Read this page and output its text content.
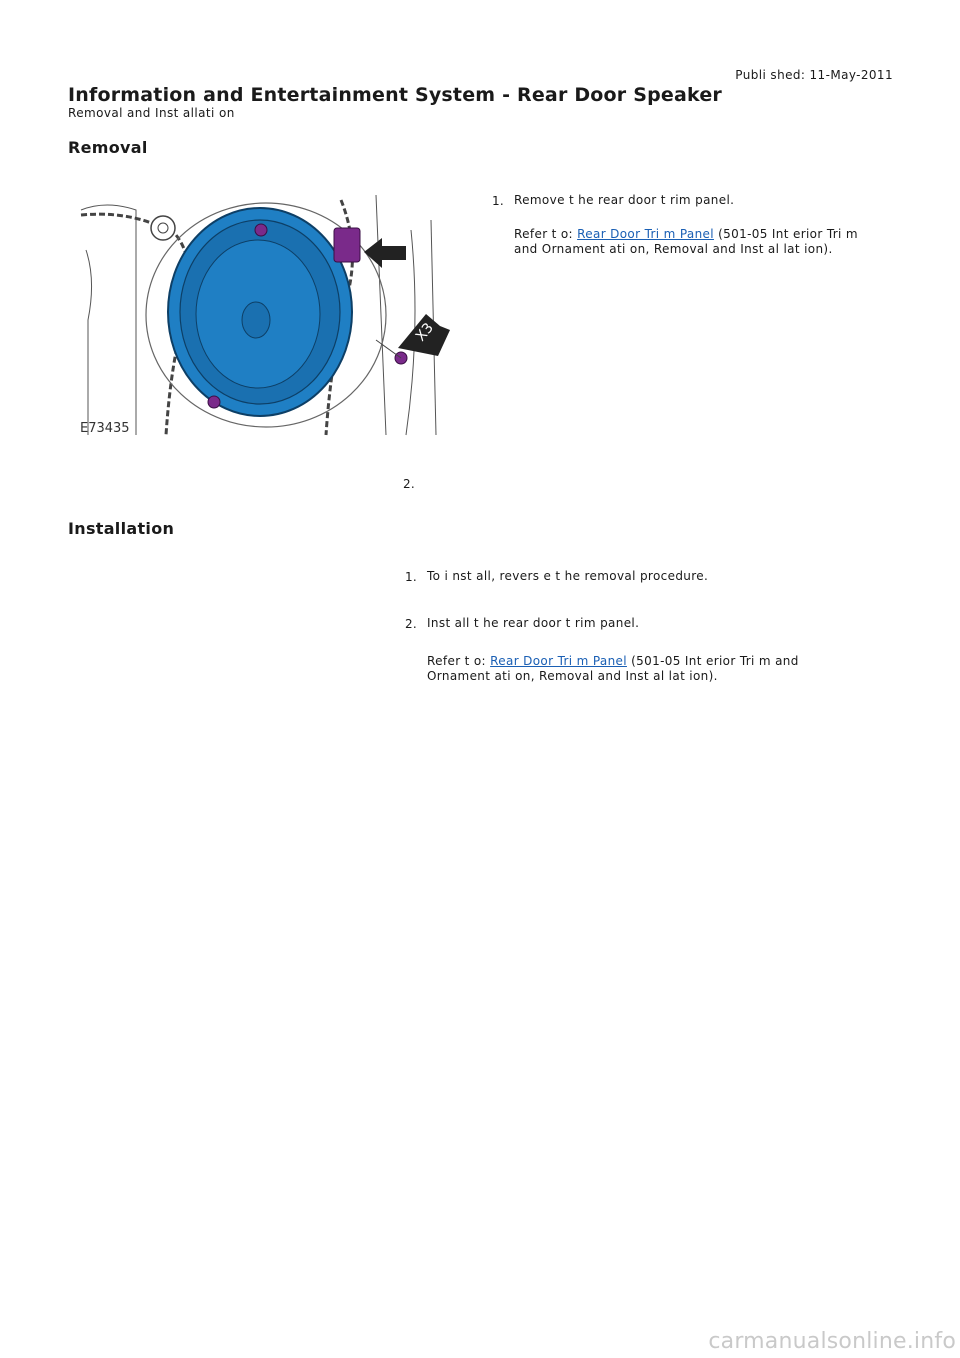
Publi shed: 11-May-2011
Information and Entertainment System - Rear Door Speaker
Removal and Inst allati on
Removal
X3
E73435
1. Remove t he rear door t rim panel.
Refer t o: Rear Door Tri m Panel (501-05 Int erior Tri m and Ornament ati on, Removal and Inst al lat ion).
2.
Installation
1. To i nst all, revers e t he removal procedure.
2. Inst all t he rear door t rim panel.
Refer t o: Rear Door Tri m Panel (501-05 Int erior Tri m and Ornament ati on, Removal and Inst al lat ion).
carmanualsonline.info
